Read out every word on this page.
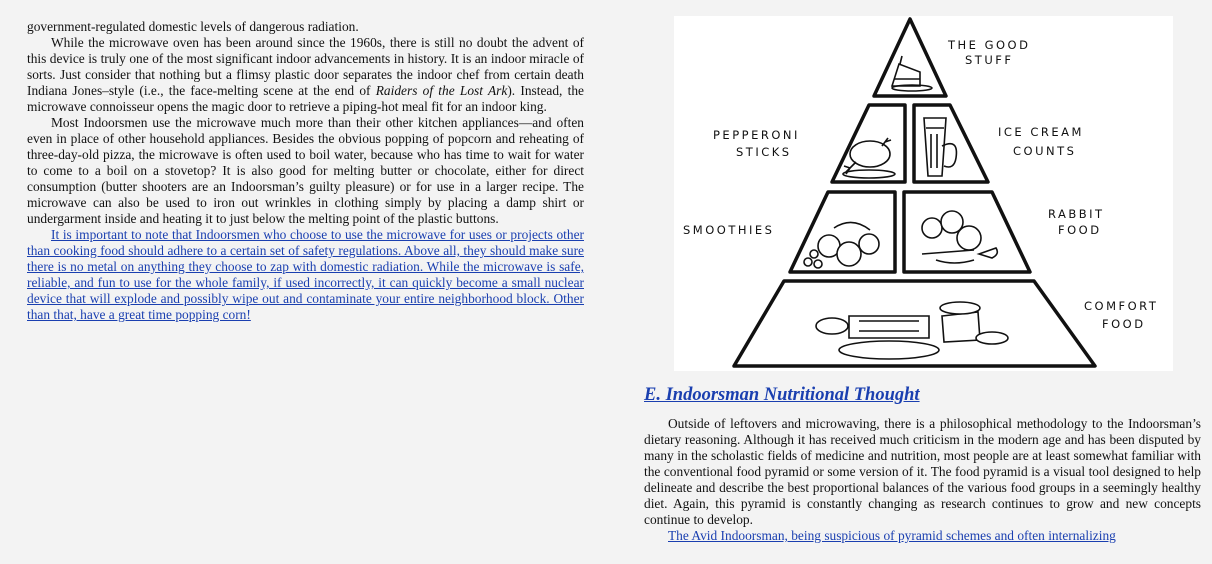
government-regulated domestic levels of dangerous radiation.

While the microwave oven has been around since the 1960s, there is still no doubt the advent of this device is truly one of the most significant indoor advancements in history. It is an indoor miracle of sorts. Just consider that nothing but a flimsy plastic door separates the indoor chef from certain death Indiana Jones–style (i.e., the face-melting scene at the end of Raiders of the Lost Ark). Instead, the microwave connoisseur opens the magic door to retrieve a piping-hot meal fit for an indoor king.

Most Indoorsmen use the microwave much more than their other kitchen appliances—and often even in place of other household appliances. Besides the obvious popping of popcorn and reheating of three-day-old pizza, the microwave is often used to boil water, because who has time to wait for water to come to a boil on a stovetop? It is also good for melting butter or chocolate, either for direct consumption (butter shooters are an Indoorsman’s guilty pleasure) or for use in a larger recipe. The microwave can also be used to iron out wrinkles in clothing simply by placing a damp shirt or undergarment inside and heating it to just below the melting point of the plastic buttons.

It is important to note that Indoorsmen who choose to use the microwave for uses or projects other than cooking food should adhere to a certain set of safety regulations. Above all, they should make sure there is no metal on anything they choose to zap with domestic radiation. While the microwave is safe, reliable, and fun to use for the whole family, if used incorrectly, it can quickly become a small nuclear device that will explode and possibly wipe out and contaminate your entire neighborhood block. Other than that, have a great time popping corn!

THE GOOD
STUFF
PEPPERONI
STICKS
ICE CREAM
COUNTS
SMOOTHIES
RABBIT
FOOD
COMFORT
FOOD
E. Indoorsman Nutritional Thought

Outside of leftovers and microwaving, there is a philosophical methodology to the Indoorsman’s dietary reasoning. Although it has received much criticism in the modern age and has been disputed by many in the scholastic fields of medicine and nutrition, most people are at least somewhat familiar with the conventional food pyramid or some version of it. The food pyramid is a visual tool designed to help delineate and describe the best proportional balances of the various food groups in a seemingly healthy diet. Again, this pyramid is constantly changing as research continues to grow and new concepts continue to develop.

The Avid Indoorsman, being suspicious of pyramid schemes and often internalizing
